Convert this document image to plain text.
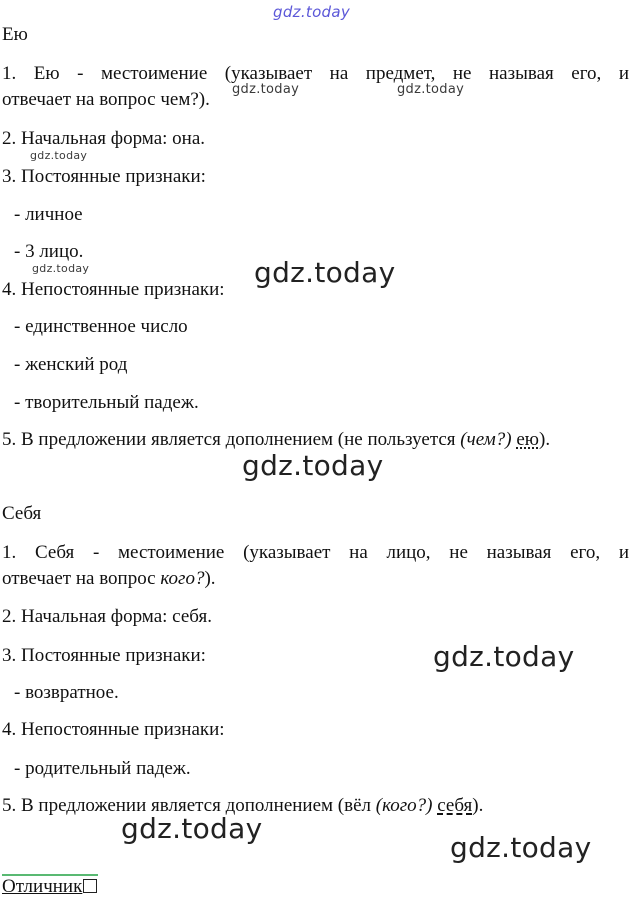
gdz.today
Ею
1. Ею - местоимение (указывает на предмет, не называя его, и
отвечает на вопрос чем?).	gdz.today	gdz.today
2. Начальная форма: она.
gdz.today
3. Постоянные признаки:
- личное
- 3 лицо.
gdz.today	gdz.today
4. Непостоянные признаки:
- единственное число
- женский род
- творительный падеж.
5. В предложении является дополнением (не пользуется (чем?) ею).
gdz.today
Себя
1. Себя - местоимение (указывает на лицо, не называя его, и
отвечает на вопрос кого?).
2. Начальная форма: себя.
3. Постоянные признаки:	gdz.today
- возвратное.
4. Непостоянные признаки:
- родительный падеж.
5. В предложении является дополнением (вёл (кого?) себя).
gdz.today
gdz.today
Отличник
